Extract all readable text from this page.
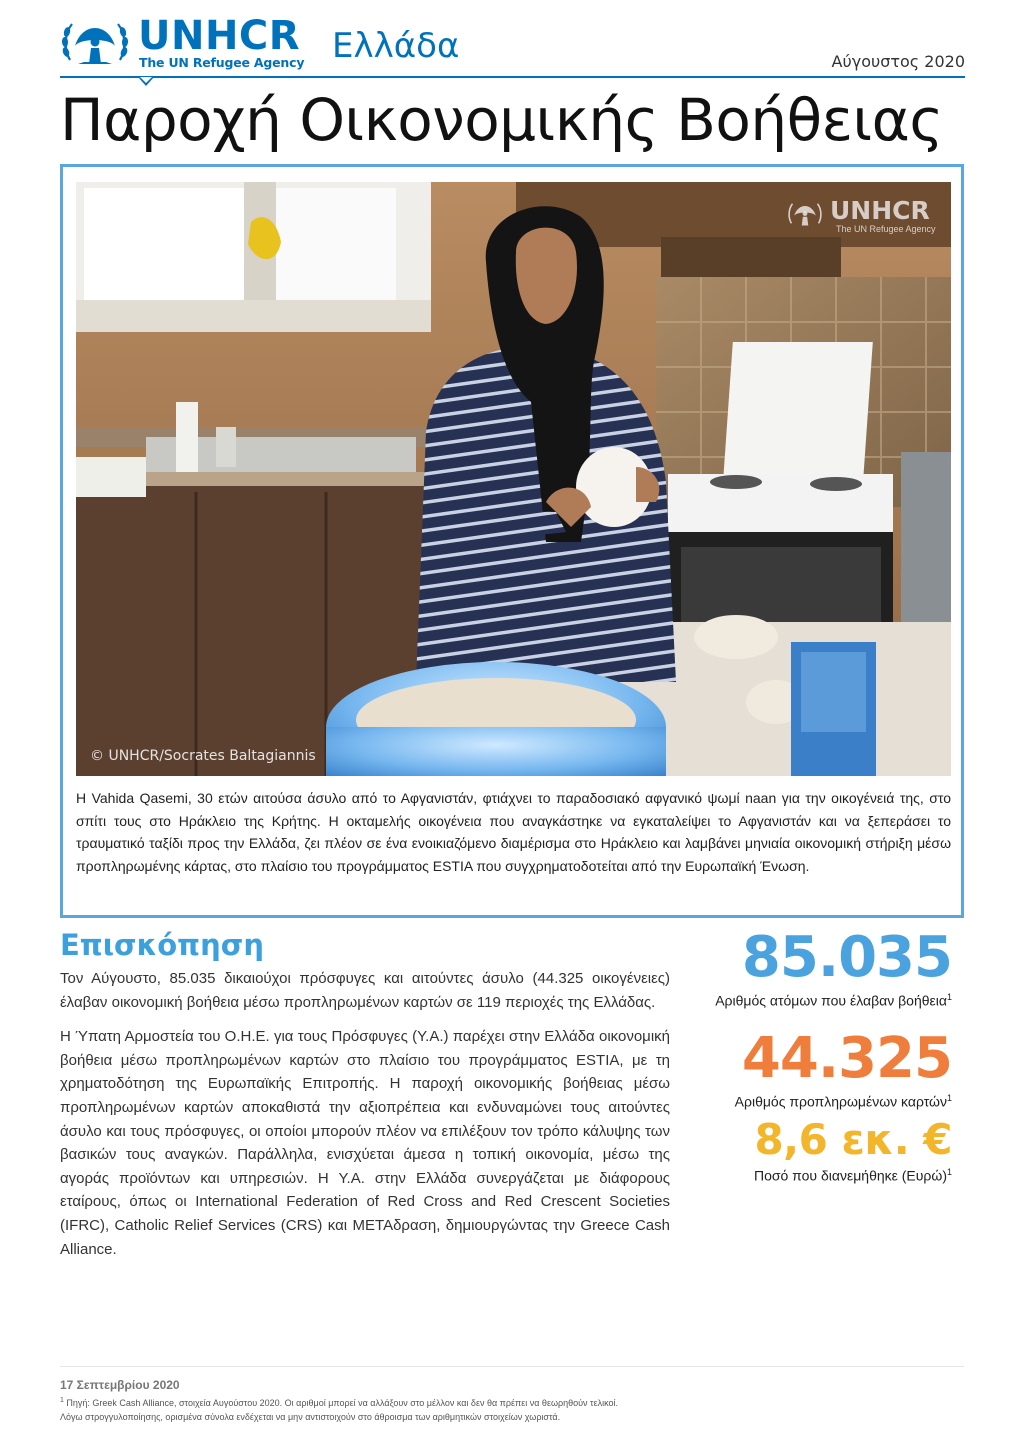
UNHCR
The UN Refugee Agency Ελλάδα	Αύγουστος 2020
Παροχή Οικονομικής Βοήθειας
UNHCR
The UN Refugee Agency
© UNHCR/Socrates Baltagiannis

Η Vahida Qasemi, 30 ετών αιτούσα άσυλο από το Αφγανιστάν, φτιάχνει το παραδοσιακό αφγανικό ψωμί naan για την οικογένειά της, στο σπίτι τους στο Ηράκλειο της Κρήτης. Η οκταμελής οικογένεια που αναγκάστηκε να εγκαταλείψει το Αφγανιστάν και να ξεπεράσει το τραυματικό ταξίδι προς την Ελλάδα, ζει πλέον σε ένα ενοικιαζόμενο διαμέρισμα στο Ηράκλειο και λαμβάνει μηνιαία οικονομική στήριξη μέσω προπληρωμένης κάρτας, στο πλαίσιο του προγράμματος ESTIA που συγχρηματοδοτείται από την Ευρωπαϊκή Ένωση.

Επισκόπηση

Τον Αύγουστο, 85.035 δικαιούχοι πρόσφυγες και αιτούντες άσυλο (44.325 οικογένειες) έλαβαν οικονομική βοήθεια μέσω προπληρωμένων καρτών σε 119 περιοχές της Ελλάδας.

Η Ύπατη Αρμοστεία του Ο.Η.Ε. για τους Πρόσφυγες (Υ.Α.) παρέχει στην Ελλάδα οικονομική βοήθεια μέσω προπληρωμένων καρτών στο πλαίσιο του προγράμματος ESTIA, με τη χρηματοδότηση της Ευρωπαϊκής Επιτροπής. Η παροχή οικονομικής βοήθειας μέσω προπληρωμένων καρτών αποκαθιστά την αξιοπρέπεια και ενδυναμώνει τους αιτούντες άσυλο και τους πρόσφυγες, οι οποίοι μπορούν πλέον να επιλέξουν τον τρόπο κάλυψης των βασικών τους αναγκών. Παράλληλα, ενισχύεται άμεσα η τοπική οικονομία, μέσω της αγοράς προϊόντων και υπηρεσιών. Η Υ.Α. στην Ελλάδα συνεργάζεται με διάφορους εταίρους, όπως οι International Federation of Red Cross and Red Crescent Societies (IFRC), Catholic Relief Services (CRS) και ΜΕΤΑδραση, δημιουργώντας την Greece Cash Alliance.

85.035
Αριθμός ατόμων που έλαβαν βοήθεια$^1$
44.325
Αριθμός προπληρωμένων καρτών$^1$
8,6 εκ. €
Ποσό που διανεμήθηκε $(E\upsilon\rho ώ)^1$
17 Σεπτεμβρίου 2020
$^1$ Πηγή: Greek Cash Alliance, στοιχεία Αυγούστου 2020. Οι αριθμοί μπορεί να αλλάξουν στο μέλλον και δεν θα πρέπει να θεωρηθούν τελικοί.
Λόγω στρογγυλοποίησης, ορισμένα σύνολα ενδέχεται να μην αντιστοιχούν στο άθροισμα των αριθμητικών στοιχείων χωριστά.
